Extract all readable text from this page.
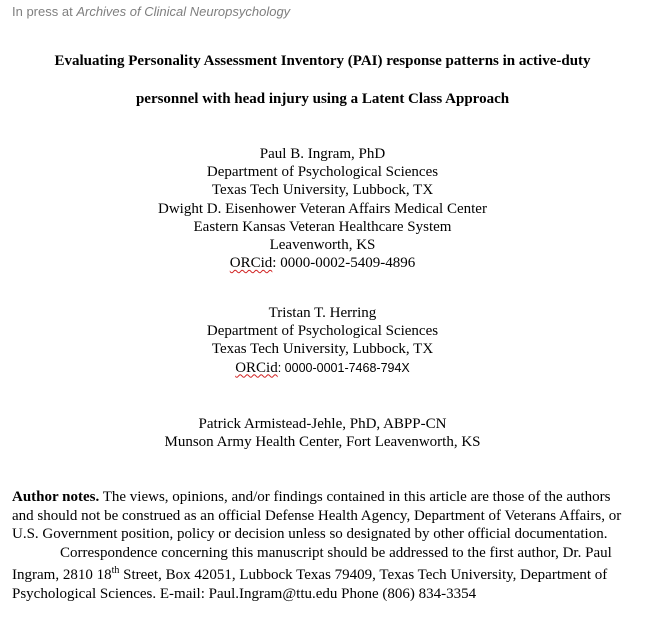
In press at Archives of Clinical Neuropsychology
Evaluating Personality Assessment Inventory (PAI) response patterns in active-duty
personnel with head injury using a Latent Class Approach
Paul B. Ingram, PhD
Department of Psychological Sciences
Texas Tech University, Lubbock, TX
Dwight D. Eisenhower Veteran Affairs Medical Center
Eastern Kansas Veteran Healthcare System
Leavenworth, KS
ORCid: 0000-0002-5409-4896
Tristan T. Herring
Department of Psychological Sciences
Texas Tech University, Lubbock, TX
ORCid: 0000-0001-7468-794X
Patrick Armistead-Jehle, PhD, ABPP-CN
Munson Army Health Center, Fort Leavenworth, KS
Author notes. The views, opinions, and/or findings contained in this article are those of the authors and should not be construed as an official Defense Health Agency, Department of Veterans Affairs, or U.S. Government position, policy or decision unless so designated by other official documentation.
Correspondence concerning this manuscript should be addressed to the first author, Dr. Paul Ingram, 2810 18th Street, Box 42051, Lubbock Texas 79409, Texas Tech University, Department of Psychological Sciences. E-mail: Paul.Ingram@ttu.edu Phone (806) 834-3354
